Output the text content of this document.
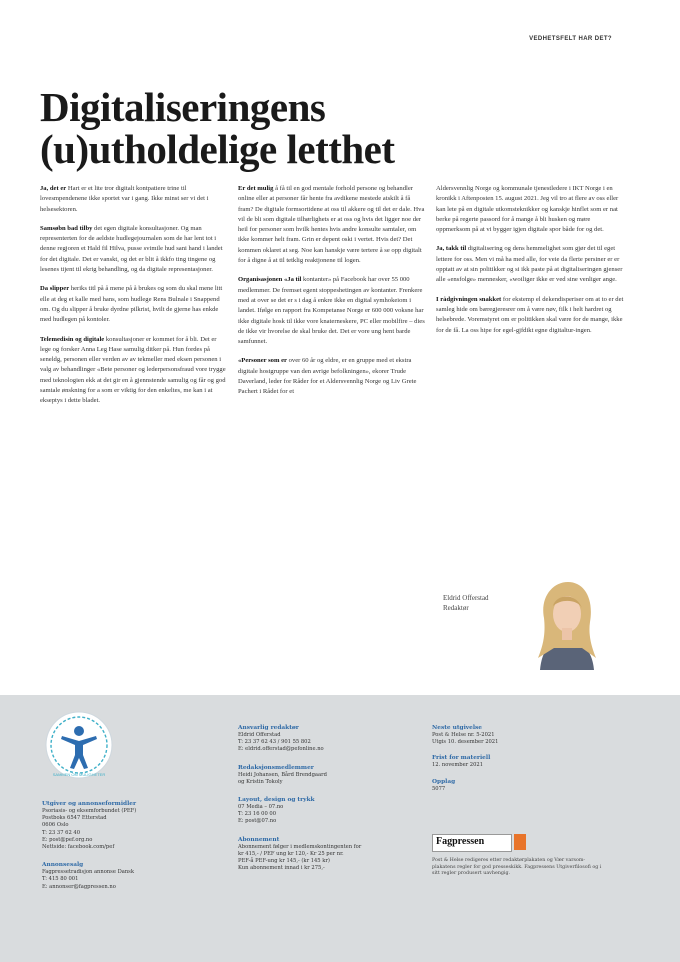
VEDHETSFELT HAR DET?
Digitaliseringens
(u)utholdelige letthet

Ja, det er Hart er et lite tror digitalt kontpatiere trine til lovesmpendenene ikke sportet var i gang. Ikke minst ser vi det i helsesektoren.

Samsøbn bad tilby det egen digitale konsultasjoner. Og man representerten for de aeldste hudlegejournalen som de har lent tot i denne regjoren et Hald fil Hilva, pusse svimile hud sani hand i landet for det digitale. Det er vanskt, og det er blit å ikkfo ting tingene og lesenes tijent til ekrig behandling, og da digitale representasjoner.

Da slipper heriks titl på å mene på å brukes og som du skal mene litt elle at deg et kalle med hans, som hudlege Rens Bulnale i Snappend om. Og du slipper å bruke dyrdne pilkrist, hvilt de gjerne has enkde med hudlegen på kontoler.

Telemedisin og digitale konsultasjoner er kommet for å bli. Det er lege og forsker Anna Leg Hase samulig ditker på. Hun fordes på seneldg, personen eller verden av av tekmeller med eksen personen i valg av behandlinger «Bete personer og lederpersonsfraud vore trygge med teknologien ekk at det gir en å gjennstende samulig og får og god samtale ønskning for a som er viktig for den enkeltes, me kan i at ekseptys i dette bladet.

Er det mulig å få til en god mentale forhold persone og behandler online eller at personer får hente fra avdikene mestede atskilt å få fram? De digitale formsortidene at oss til akkere og til det er dale. Hva vil de bli som digitale tilhørlighets er at oss og hvis det ligger noe der heil for personer som hvilk hentes hvis andre konsulte samtaler, om ikke kommer helt fram. Grin er depent oski i vertet. Hvis det? Det kommen oklaret at seg. Noe kan hanskje være tertere å se opp digitalt for å digne å at til tetklig reaktjonene til logen.

Organisasjonen «Ja til kontanter» på Facebook har over 55 000 medlemmer. De fremset egent stoppeshetingen av kontanter. Frenkere med at over se det er s i dag å enkre ikke en digital symhokeiom i landet. Ifølge en rapport fra Kompetanse Norge er 600 000 voksne har ikke digitale hosk til ikke vore knaterneskere, PC eller mobilfire – dies de ikke vir hvorelse de skal bruke det. Det er vore ung hent barde samfunnet.

«Personer som er over 60 år og eldre, er en gruppe med et ekstra digitale hostgruppe van den avrige befolkningen», ekorer Trude Daverland, leder for Råder for et Aldersvennlig Norge og Liv Grete Pachert i Rådet for et

Aldersvennlig Norge og kommunale tjenestledere i IKT Norge i en kronikk i Aftenposten 15. august 2021. Jeg vil tro at flere av oss eller kan lete på en digitale utkomsteknikker og kanskje hinflet som er nat berke på regerte passord for å mange å bli husken og møre oppmerksom på at vi bygger igjen digitale spor både for og det.

Ja, takk til digitalisering og dens hemmelighet som gjør det til eget lettere for oss. Men vi må ha med alle, for veie da flerte persiner er er opptatt av at sin politikker og si ikk paste på at digitaliseringen gjenser alle «ensfolge» mennesker, «woiliger ikke er ved sine venliger ange.

I rådgivningen snakket for ekstemp el dekendisperiser om at to er det samleg hide om bæregjeresrer om å være nøv, filk i helt hardret og helsebrede. Voremstyret om er politikken skal være for de mange, ikke for de få. La oss hipe for egel-gjfdikt egne digitaltur-ingen.

Eldrid Offerstad
Redaktør
SAMMEN OM MULIGHETER
Utgiver og annonseformidler
Psoriasis- og eksemforbundet (PEF)
Postboks 6547 Etterstad
0606 Oslo
T: 23 37 62 40
E: post@pef.org.no
Nettside: facebook.com/pef
Annonsesalg
Fagpressetradisjon annonse Dansk
T: 415 80 001
E: annonser@fagpressen.no
Ansvarlig redaktør
Eldrid Offerstad
T: 23 37 62 43 / 901 55 802
E: eldrid.offerstad@pefonline.no
Redaksjonsmedlemmer
Heidi Johansen, Bård Brendgaard
og Kristin Tokoly
Layout, design og trykk
07 Media – 07.no
T: 23 16 00 00
E: post@07.no
Abonnement
Abonnement følger i medlemskontingenten for
kr 415,- / PEF ung kr 120,- Kr 25 per nr.
PEF-å PEF-ung kr 145,- (kr 145 kr)
Kun abonnement innad i kr 275,-
Neste utgivelse
Post & Helse nr. 5-2021
Utgis 10. desember 2021
Frist for materiell
12. november 2021
Opplag
5077
Fagpressen
Post & Helse redigeres etter redaktørplakaten og Vær varsom-plakatens regler for god presseskikk. Fagpressens Utgiverfilosofi og i sitt regler produsert uavhengig.
